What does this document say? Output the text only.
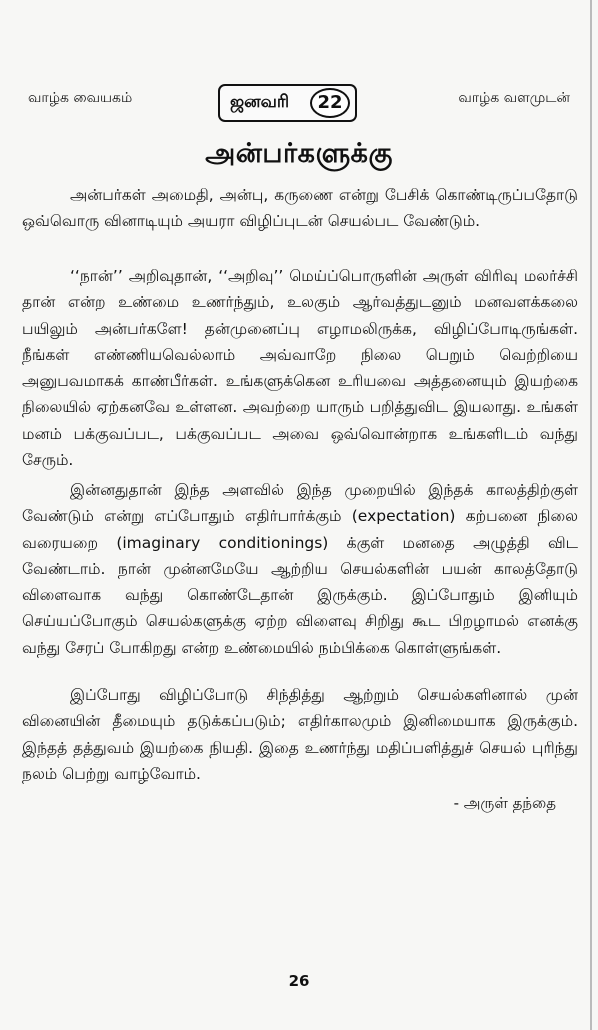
வாழ்க வையகம்	ஜனவரி	22	வாழ்க வளமுடன்
அன்பர்களுக்கு

அன்பர்கள் அமைதி, அன்பு, கருணை என்று பேசிக் கொண்டிருப்பதோடு ஒவ்வொரு வினாடியும் அயரா விழிப்புடன் செயல்பட வேண்டும்.

‘‘நான்’’ அறிவுதான், ‘‘அறிவு’’ மெய்ப்பொருளின் அருள் விரிவு மலர்ச்சி தான் என்ற உண்மை உணர்ந்தும், உலகும் ஆர்வத்துடனும் மனவளக்கலை பயிலும் அன்பர்களே! தன்முனைப்பு எழாமலிருக்க, விழிப்போடிருங்கள். நீங்கள் எண்ணியவெல்லாம் அவ்வாறே நிலை பெறும் வெற்றியை அனுபவமாகக் காண்பீர்கள். உங்களுக்கென உரியவை அத்தனையும் இயற்கை நிலையில் ஏற்கனவே உள்ளன. அவற்றை யாரும் பறித்துவிட இயலாது. உங்கள் மனம் பக்குவப்பட, பக்குவப்பட அவை ஒவ்வொன்றாக உங்களிடம் வந்து சேரும்.

இன்னதுதான் இந்த அளவில் இந்த முறையில் இந்தக் காலத்திற்குள் வேண்டும் என்று எப்போதும் எதிர்பார்க்கும் (expectation) கற்பனை நிலை வரையறை (imaginary conditionings) க்குள் மனதை அழுத்தி விட வேண்டாம். நான் முன்னமேயே ஆற்றிய செயல்களின் பயன் காலத்தோடு விளைவாக வந்து கொண்டேதான் இருக்கும். இப்போதும் இனியும் செய்யப்போகும் செயல்களுக்கு ஏற்ற விளைவு சிறிது கூட பிறழாமல் எனக்கு வந்து சேரப் போகிறது என்ற உண்மையில் நம்பிக்கை கொள்ளுங்கள்.

இப்போது விழிப்போடு சிந்தித்து ஆற்றும் செயல்களினால் முன் வினையின் தீமையும் தடுக்கப்படும்; எதிர்காலமும் இனிமையாக இருக்கும். இந்தத் தத்துவம் இயற்கை நியதி. இதை உணர்ந்து மதிப்பளித்துச் செயல் புரிந்து நலம் பெற்று வாழ்வோம்.

- அருள் தந்தை
26
